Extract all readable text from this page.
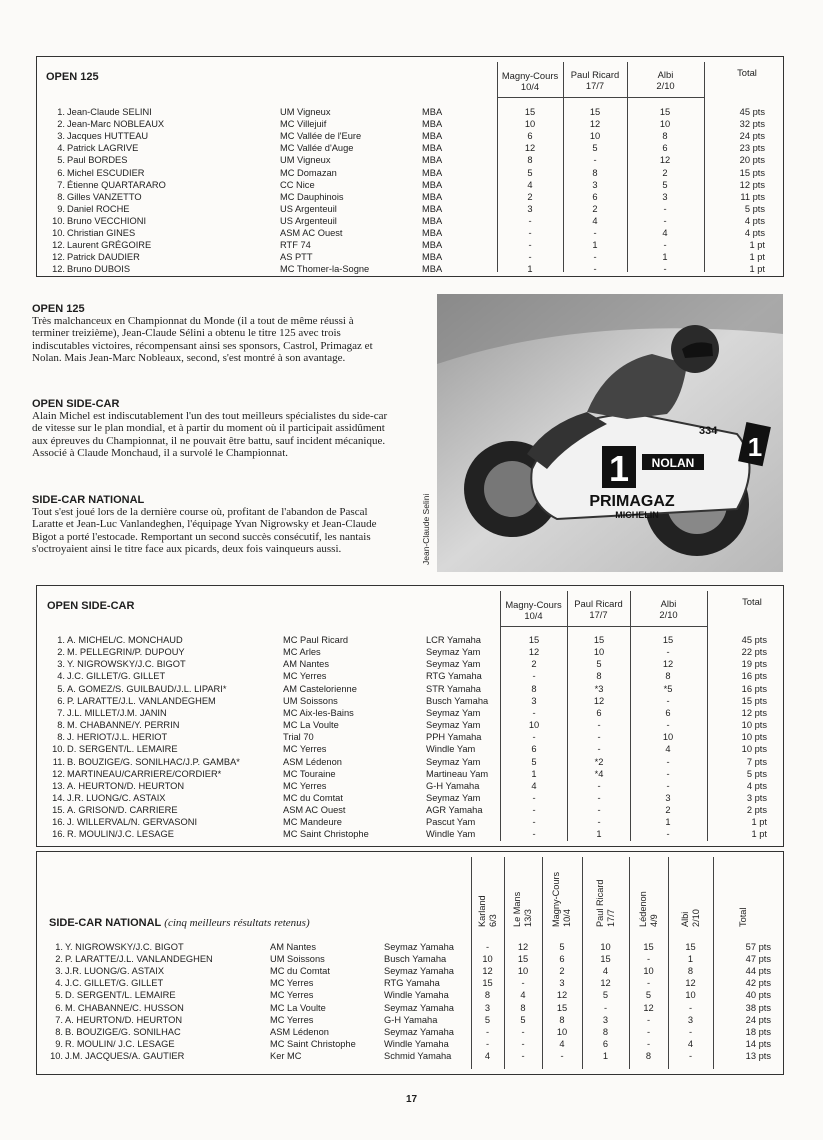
OPEN 125	Magny-Cours
10/4
Paul Ricard
17/7
Albi
2/10
Total
1. Jean-Claude SELINI	UM Vigneux	MBA	15	15	15	45 pts
2. Jean-Marc NOBLEAUX	MC Villejuif	MBA	10	12	10	32 pts
3. Jacques HUTTEAU	MC Vallée de l'Eure	MBA	6	10	8	24 pts
4. Patrick LAGRIVE	MC Vallée d'Auge	MBA	12	5	6	23 pts
5. Paul BORDES	UM Vigneux	MBA	8	-	12	20 pts
6. Michel ESCUDIER	MC Domazan	MBA	5	8	2	15 pts
7. Étienne QUARTARARO	CC Nice	MBA	4	3	5	12 pts
8. Gilles VANZETTO	MC Dauphinois	MBA	2	6	3	11 pts
9. Daniel ROCHE	US Argenteuil	MBA	3	2	-	5 pts
10. Bruno VECCHIONI	US Argenteuil	MBA	-	4	-	4 pts
10. Christian GINES	ASM AC Ouest	MBA	-	-	4	4 pts
12. Laurent GRÉGOIRE	RTF 74	MBA	-	1	-	1 pt
12. Patrick DAUDIER	AS PTT	MBA	-	-	1	1 pt
12. Bruno DUBOIS	MC Thomer-la-Sogne	MBA	1	-	-	1 pt
OPEN 125

Très malchanceux en Championnat du Monde (il a tout de même réussi à terminer treizième), Jean-Claude Sélini a obtenu le titre 125 avec trois indiscutables victoires, récompensant ainsi ses sponsors, Castrol, Primagaz et Nolan. Mais Jean-Marc Nobleaux, second, s'est montré à son avantage.

OPEN SIDE-CAR

Alain Michel est indiscutablement l'un des tout meilleurs spécialistes du side-car de vitesse sur le plan mondial, et à partir du moment où il participait assidûment aux épreuves du Championnat, il ne pouvait être battu, sauf incident mécanique. Associé à Claude Monchaud, il a survolé le Championnat.

SIDE-CAR NATIONAL

Tout s'est joué lors de la dernière course où, profitant de l'abandon de Pascal Laratte et Jean-Luc Vanlandeghen, l'équipage Yvan Nigrowsky et Jean-Claude Bigot a porté l'estocade. Remportant un second succès consécutif, les nantais s'octroyaient ainsi le titre face aux picards, deux fois vainqueurs aussi.	Jean-Claude Selini
1 NOLAN
PRIMAGAZ
MICHELIN
334
1
OPEN SIDE-CAR	Magny-Cours
10/4
Paul Ricard
17/7
Albi
2/10
Total
1. A. MICHEL/C. MONCHAUD	MC Paul Ricard	LCR Yamaha	15	15	15	45 pts
2. M. PELLEGRIN/P. DUPOUY	MC Arles	Seymaz Yam	12	10	-	22 pts
3. Y. NIGROWSKY/J.C. BIGOT	AM Nantes	Seymaz Yam	2	5	12	19 pts
4. J.C. GILLET/G. GILLET	MC Yerres	RTG Yamaha	-	8	8	16 pts
5. A. GOMEZ/S. GUILBAUD/J.L. LIPARI*	AM Castelorienne	STR Yamaha	8	*3	*5	16 pts
6. P. LARATTE/J.L. VANLANDEGHEM	UM Soissons	Busch Yamaha	3	12	-	15 pts
7. J.L. MILLET/J.M. JANIN	MC Aix-les-Bains	Seymaz Yam	-	6	6	12 pts
8. M. CHABANNE/Y. PERRIN	MC La Voulte	Seymaz Yam	10	-	-	10 pts
8. J. HERIOT/J.L. HERIOT	Trial 70	PPH Yamaha	-	-	10	10 pts
10. D. SERGENT/L. LEMAIRE	MC Yerres	Windle Yam	6	-	4	10 pts
11. B. BOUZIGE/G. SONILHAC/J.P. GAMBA*	ASM Lédenon	Seymaz Yam	5	*2	-	7 pts
12. MARTINEAU/CARRIERE/CORDIER*	MC Touraine	Martineau Yam	1	*4	-	5 pts
13. A. HEURTON/D. HEURTON	MC Yerres	G-H Yamaha	4	-	-	4 pts
14. J.R. LUONG/C. ASTAIX	MC du Comtat	Seymaz Yam	-	-	3	3 pts
15. A. GRISON/D. CARRIERE	ASM AC Ouest	AGR Yamaha	-	-	2	2 pts
16. J. WILLERVAL/N. GERVASONI	MC Mandeure	Pascut Yam	-	-	1	1 pt
16. R. MOULIN/J.C. LESAGE	MC Saint Christophe	Windle Yam	-	1	-	1 pt
SIDE-CAR NATIONAL (cinq meilleurs résultats retenus)	Karland 6/3 Le Mans 13/3 Magny-Cours 10/4 Paul Ricard 17/7 Lédenon 4/9 Albi 2/10	Total
1. Y. NIGROWSKY/J.C. BIGOT	AM Nantes	Seymaz Yamaha	-	12	5	10	15	15	57 pts
2. P. LARATTE/J.L. VANLANDEGHEN	UM Soissons	Busch Yamaha	10	15	6	15	-	1	47 pts
3. J.R. LUONG/G. ASTAIX	MC du Comtat	Seymaz Yamaha	12	10	2	4	10	8	44 pts
4. J.C. GILLET/G. GILLET	MC Yerres	RTG Yamaha	15	-	3	12	-	12	42 pts
5. D. SERGENT/L. LEMAIRE	MC Yerres	Windle Yamaha	8	4	12	5	5	10	40 pts
6. M. CHABANNE/C. HUSSON	MC La Voulte	Seymaz Yamaha	3	8	15	-	12	-	38 pts
7. A. HEURTON/D. HEURTON	MC Yerres	G-H Yamaha	5	5	8	3	-	3	24 pts
8. B. BOUZIGE/G. SONILHAC	ASM Lédenon	Seymaz Yamaha	-	-	10	8	-	-	18 pts
9. R. MOULIN/ J.C. LESAGE	MC Saint Christophe	Windle Yamaha	-	-	4	6	-	4	14 pts
10. J.M. JACQUES/A. GAUTIER	Ker MC	Schmid Yamaha	4	-	-	1	8	-	13 pts
17
